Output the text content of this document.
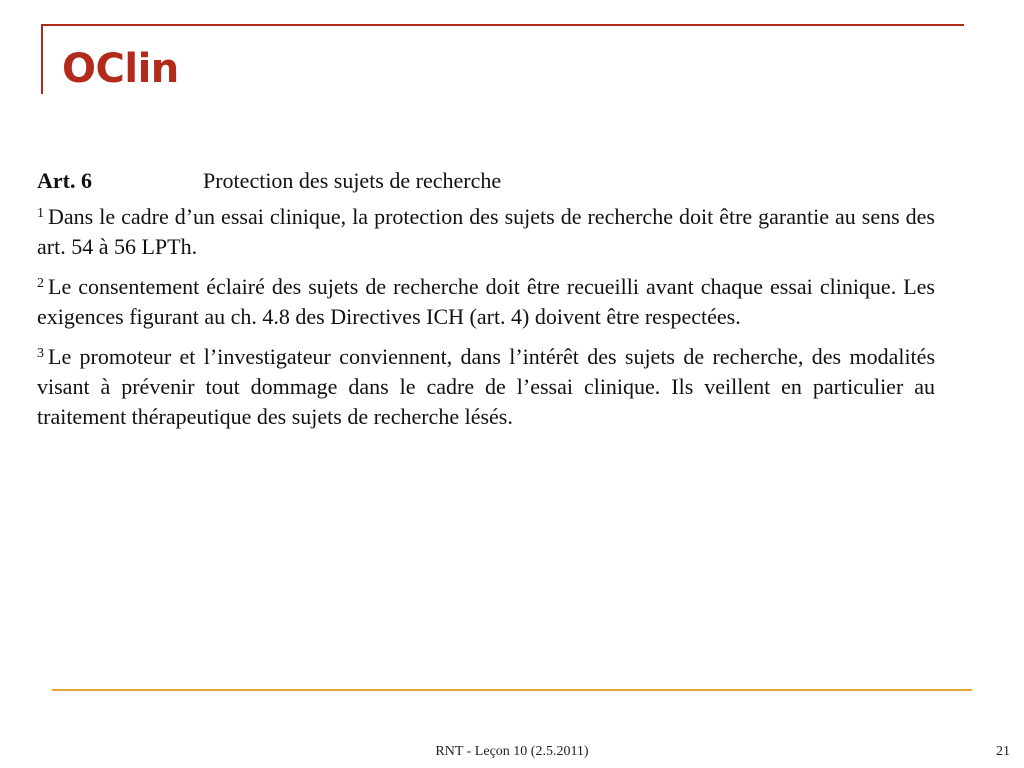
OClin
Art. 6	Protection des sujets de recherche

$^1$ Dans le cadre d’un essai clinique, la protection des sujets de recherche doit être garantie au sens des art. 54 à 56 LPTh.

$^2$ Le consentement éclairé des sujets de recherche doit être recueilli avant chaque essai clinique. Les exigences figurant au ch. 4.8 des Directives ICH (art. 4) doivent être respectées.

$^3$ Le promoteur et l’investigateur conviennent, dans l’intérêt des sujets de recherche, des modalités visant à prévenir tout dommage dans le cadre de l’essai clinique. Ils veillent en particulier au traitement thérapeutique des sujets de recherche lésés.

RNT - Leçon 10 (2.5.2011)	21
